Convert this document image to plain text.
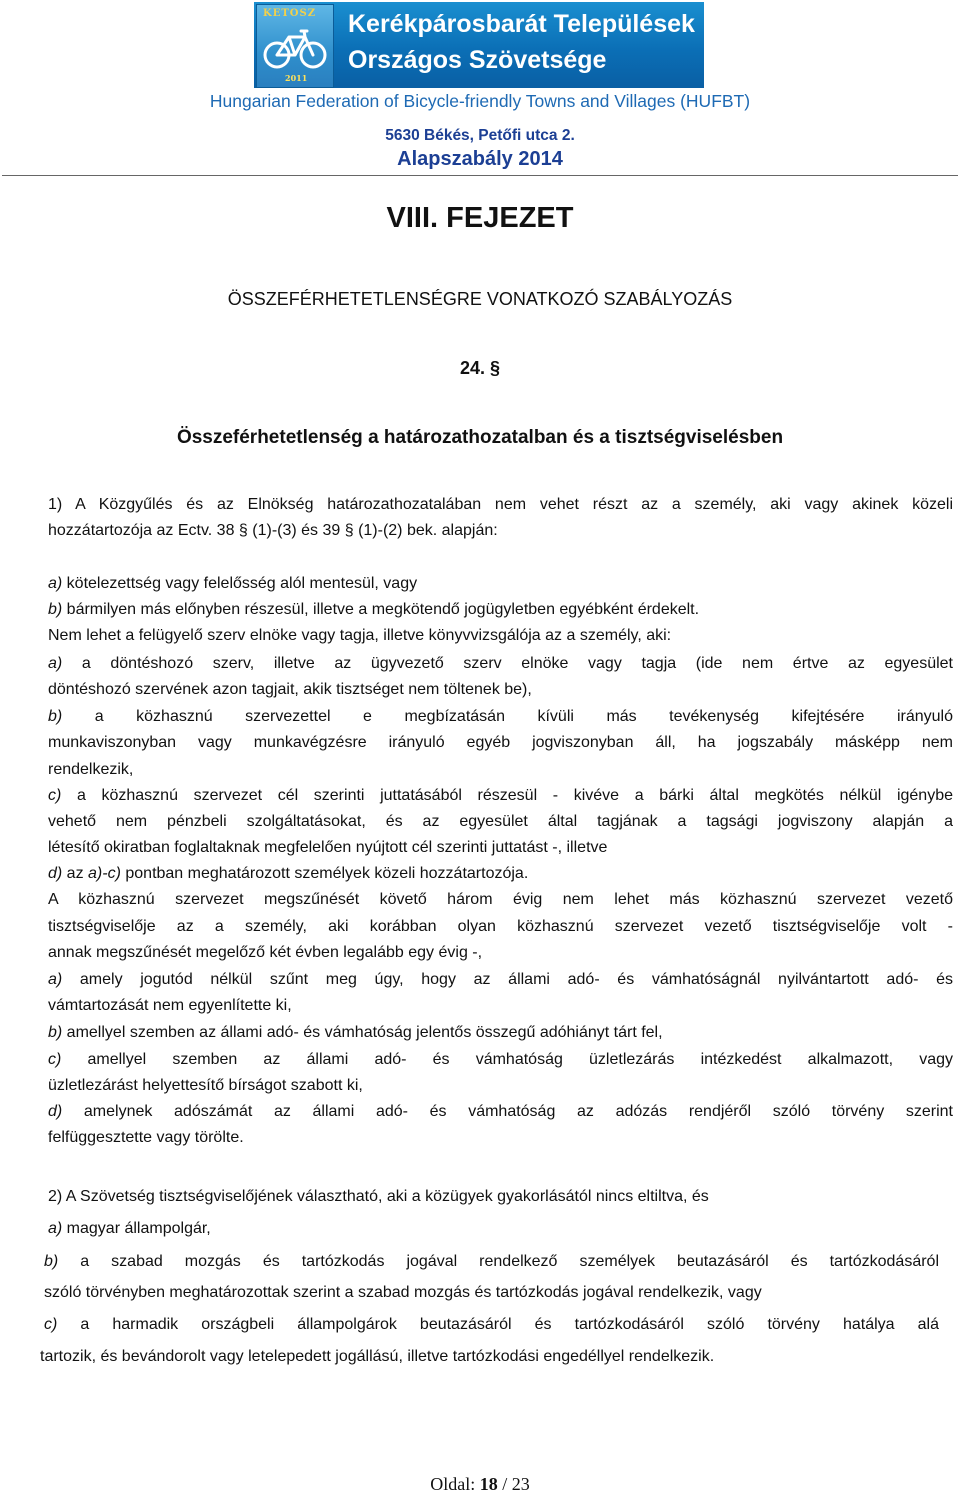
KETOSZ
2011
Kerékpárosbarát Települések
Országos Szövetsége
Hungarian Federation of Bicycle-friendly Towns and Villages (HUFBT)
5630 Békés, Petőfi utca 2.
Alapszabály 2014
VIII. FEJEZET
ÖSSZEFÉRHETETLENSÉGRE VONATKOZÓ SZABÁLYOZÁS
24. §
Összeférhetetlenség a határozathozatalban és a tisztségviselésben
1) A Közgyűlés és az Elnökség határozathozatalában nem vehet részt az a személy, aki vagy akinek közeli
hozzátartozója az Ectv. 38 § (1)-(3) és 39 § (1)-(2) bek. alapján:
a) kötelezettség vagy felelősség alól mentesül, vagy
b) bármilyen más előnyben részesül, illetve a megkötendő jogügyletben egyébként érdekelt.
Nem lehet a felügyelő szerv elnöke vagy tagja, illetve könyvvizsgálója az a személy, aki:
a) a döntéshozó szerv, illetve az ügyvezető szerv elnöke vagy tagja (ide nem értve az egyesület
döntéshozó szervének azon tagjait, akik tisztséget nem töltenek be),
b) a közhasznú szervezettel e megbízatásán kívüli más tevékenység kifejtésére irányuló
munkaviszonyban vagy munkavégzésre irányuló egyéb jogviszonyban áll, ha jogszabály másképp nem
rendelkezik,
c) a közhasznú szervezet cél szerinti juttatásából részesül - kivéve a bárki által megkötés nélkül igénybe
vehető nem pénzbeli szolgáltatásokat, és az egyesület által tagjának a tagsági jogviszony alapján a
létesítő okiratban foglaltaknak megfelelően nyújtott cél szerinti juttatást -, illetve
d) az a)-c) pontban meghatározott személyek közeli hozzátartozója.
A közhasznú szervezet megszűnését követő három évig nem lehet más közhasznú szervezet vezető
tisztségviselője az a személy, aki korábban olyan közhasznú szervezet vezető tisztségviselője volt -
annak megszűnését megelőző két évben legalább egy évig -,
a) amely jogutód nélkül szűnt meg úgy, hogy az állami adó- és vámhatóságnál nyilvántartott adó- és
vámtartozását nem egyenlítette ki,
b) amellyel szemben az állami adó- és vámhatóság jelentős összegű adóhiányt tárt fel,
c) amellyel szemben az állami adó- és vámhatóság üzletlezárás intézkedést alkalmazott, vagy
üzletlezárást helyettesítő bírságot szabott ki,
d) amelynek adószámát az állami adó- és vámhatóság az adózás rendjéről szóló törvény szerint
felfüggesztette vagy törölte.
2) A Szövetség tisztségviselőjének választható, aki a közügyek gyakorlásától nincs eltiltva, és
a) magyar állampolgár,
b) a szabad mozgás és tartózkodás jogával rendelkező személyek beutazásáról és tartózkodásáról
szóló törvényben meghatározottak szerint a szabad mozgás és tartózkodás jogával rendelkezik, vagy
c) a harmadik országbeli állampolgárok beutazásáról és tartózkodásáról szóló törvény hatálya alá
tartozik, és bevándorolt vagy letelepedett jogállású, illetve tartózkodási engedéllyel rendelkezik.
Oldal: 18 / 23
